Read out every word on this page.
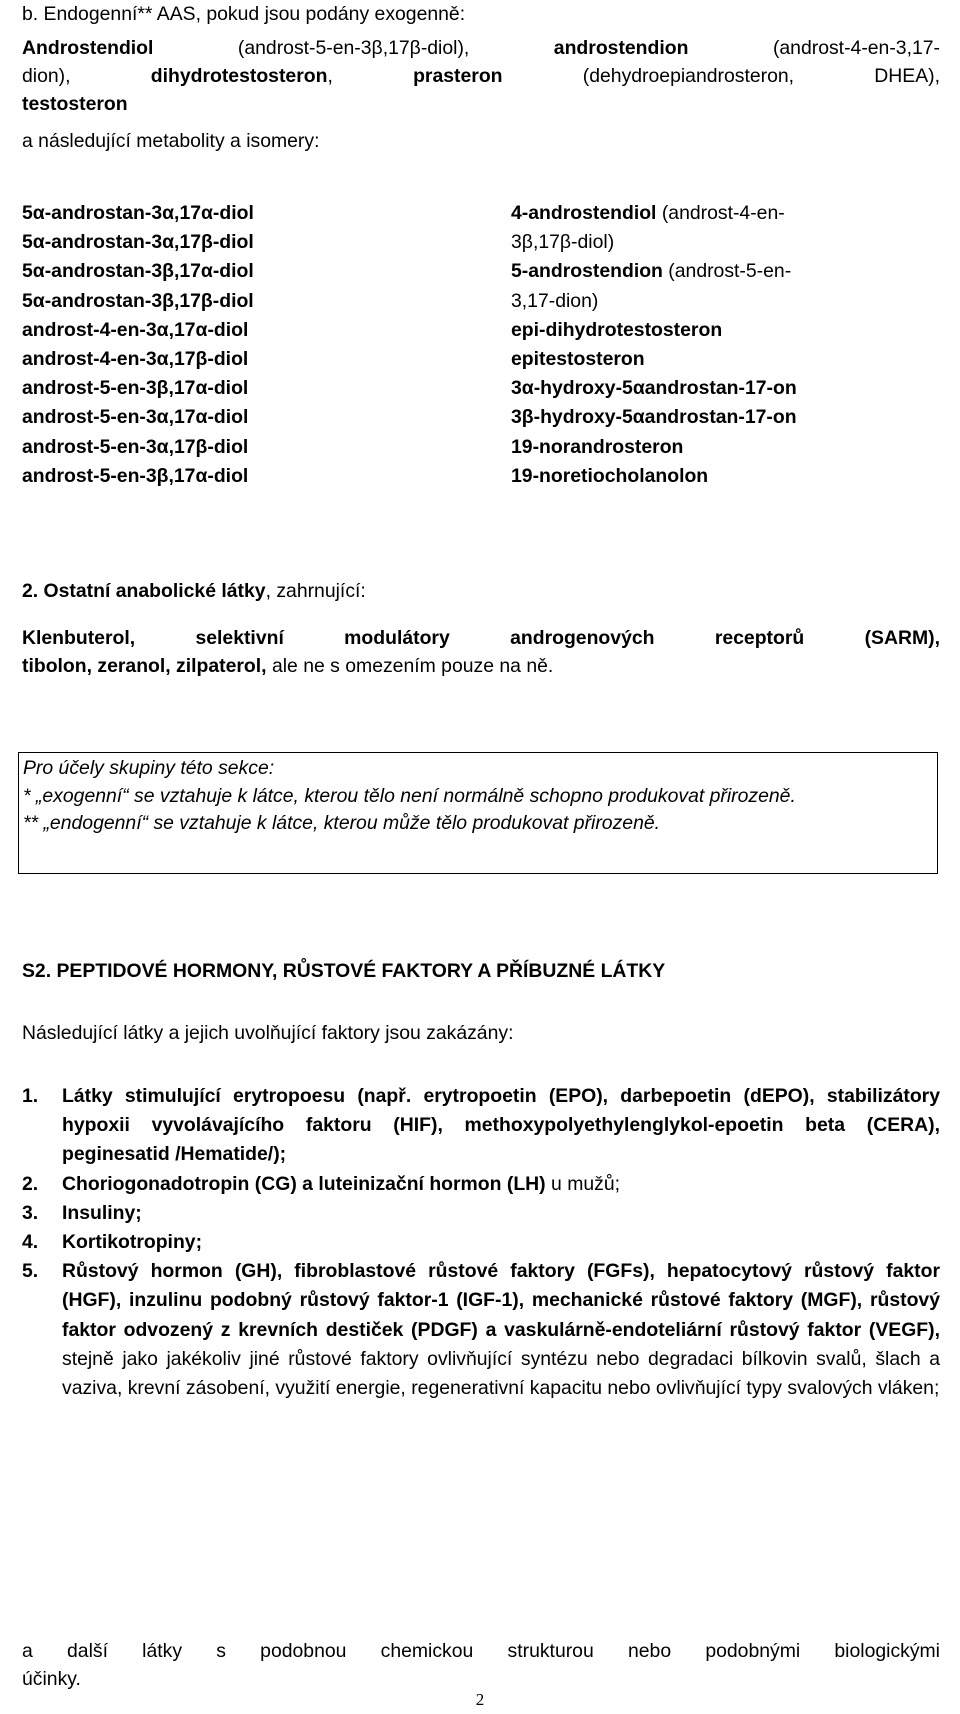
b. Endogenní** AAS, pokud jsou podány exogenně:

Androstendiol (androst-5-en-3β,17β-diol), androstendion (androst-4-en-3,17-
dion), dihydrotestosteron, prasteron (dehydroepiandrosteron, DHEA),
testosteron

a následující metabolity a isomery:

5α-androstan-3α,17α-diol
5α-androstan-3α,17β-diol
5α-androstan-3β,17α-diol
5α-androstan-3β,17β-diol
androst-4-en-3α,17α-diol
androst-4-en-3α,17β-diol
androst-5-en-3β,17α-diol
androst-5-en-3α,17α-diol
androst-5-en-3α,17β-diol
androst-5-en-3β,17α-diol
4-androstendiol (androst-4-en-
3β,17β-diol)
5-androstendion (androst-5-en-
3,17-dion)
epi-dihydrotestosteron
epitestosteron
3α-hydroxy-5αandrostan-17-on
3β-hydroxy-5αandrostan-17-on
19-norandrosteron
19-noretiocholanolon

2. Ostatní anabolické látky, zahrnující:

Klenbuterol, selektivní modulátory androgenových receptorů (SARM),
tibolon, zeranol, zilpaterol, ale ne s omezením pouze na ně.

Pro účely skupiny této sekce:

* „exogenní“ se vztahuje k látce, kterou tělo není normálně schopno produkovat přirozeně.

** „endogenní“ se vztahuje k látce, kterou může tělo produkovat přirozeně.

S2. PEPTIDOVÉ HORMONY, RŮSTOVÉ FAKTORY A PŘÍBUZNÉ LÁTKY

Následující látky a jejich uvolňující faktory jsou zakázány:

1. Látky stimulující erytropoesu (např. erytropoetin (EPO), darbepoetin (dEPO), stabilizátory hypoxii vyvolávajícího faktoru (HIF), methoxypolyethylenglykol-epoetin beta (CERA), peginesatid /Hematide/);
2. Choriogonadotropin (CG) a luteinizační hormon (LH) u mužů;
3. Insuliny;
4. Kortikotropiny;
5. Růstový hormon (GH), fibroblastové růstové faktory (FGFs), hepatocytový růstový faktor (HGF), inzulinu podobný růstový faktor-1 (IGF-1), mechanické růstové faktory (MGF), růstový faktor odvozený z krevních destiček (PDGF) a vaskulárně-endoteliární růstový faktor (VEGF), stejně jako jakékoliv jiné růstové faktory ovlivňující syntézu nebo degradaci bílkovin svalů, šlach a vaziva, krevní zásobení, využití energie, regenerativní kapacitu nebo ovlivňující typy svalových vláken;
a další látky s podobnou chemickou strukturou nebo podobnými biologickými
účinky.
2
